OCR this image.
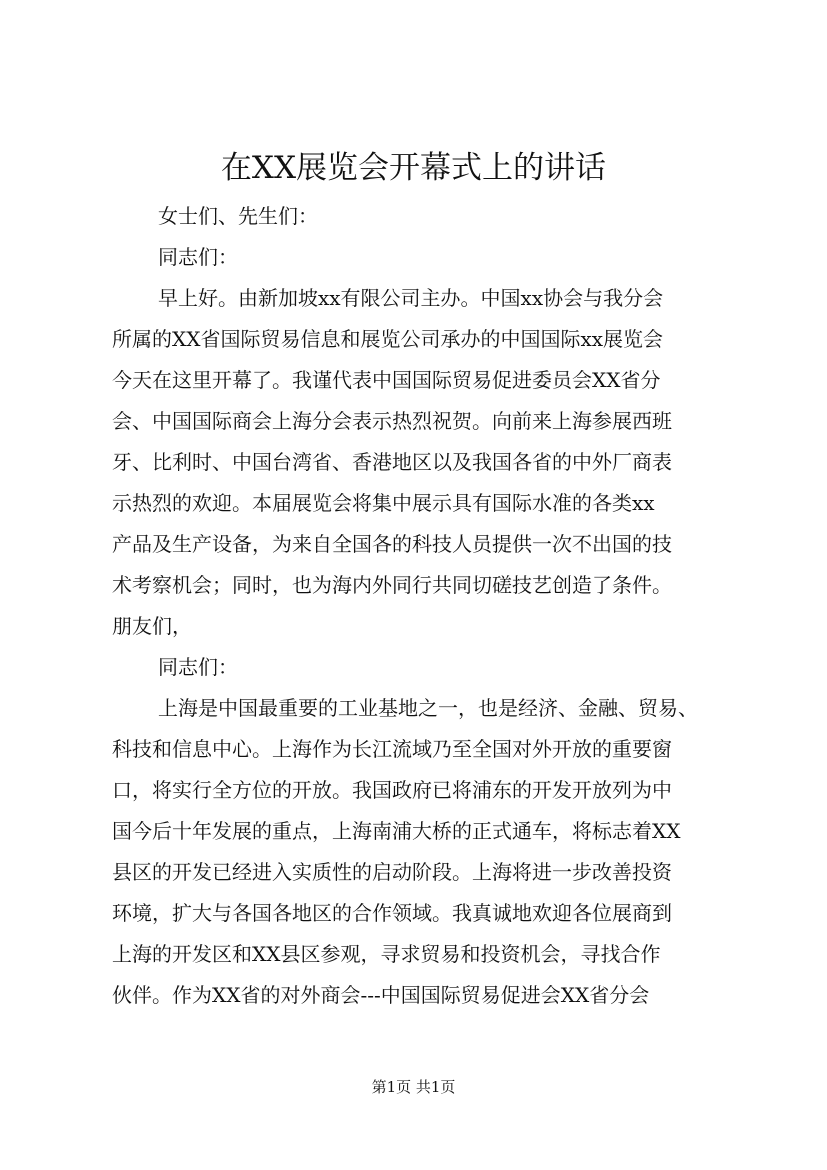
在XX展览会开幕式上的讲话
女士们、先生们：
同志们：
早上好。由新加坡xx有限公司主办。中国xx协会与我分会
所属的XX省国际贸易信息和展览公司承办的中国国际xx展览会
今天在这里开幕了。我谨代表中国国际贸易促进委员会XX省分
会、中国国际商会上海分会表示热烈祝贺。向前来上海参展西班
牙、比利时、中国台湾省、香港地区以及我国各省的中外厂商表
示热烈的欢迎。本届展览会将集中展示具有国际水准的各类xx
产品及生产设备，为来自全国各的科技人员提供一次不出国的技
术考察机会；同时，也为海内外同行共同切磋技艺创造了条件。
朋友们，
同志们：
上海是中国最重要的工业基地之一，也是经济、金融、贸易、
科技和信息中心。上海作为长江流域乃至全国对外开放的重要窗
口，将实行全方位的开放。我国政府已将浦东的开发开放列为中
国今后十年发展的重点，上海南浦大桥的正式通车，将标志着XX
县区的开发已经进入实质性的启动阶段。上海将进一步改善投资
环境，扩大与各国各地区的合作领域。我真诚地欢迎各位展商到
上海的开发区和XX县区参观，寻求贸易和投资机会，寻找合作
伙伴。作为XX省的对外商会---中国国际贸易促进会XX省分会
第1页 共1页
